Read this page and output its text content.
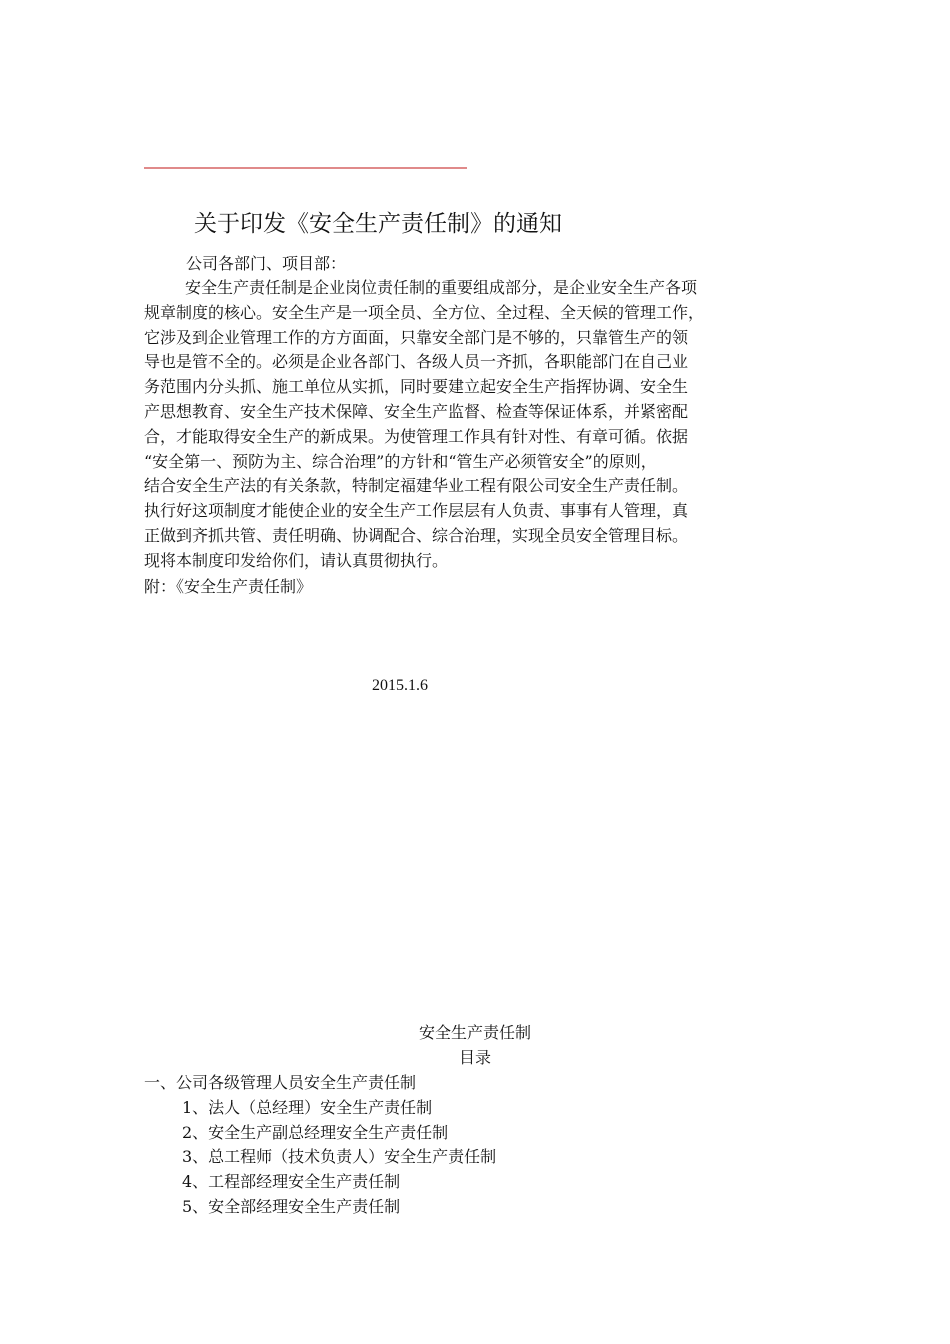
关于印发《安全生产责任制》的通知
公司各部门、项目部：
安全生产责任制是企业岗位责任制的重要组成部分，是企业安全生产各项
规章制度的核心。安全生产是一项全员、全方位、全过程、全天候的管理工作，
它涉及到企业管理工作的方方面面，只靠安全部门是不够的，只靠管生产的领
导也是管不全的。必须是企业各部门、各级人员一齐抓，各职能部门在自己业
务范围内分头抓、施工单位从实抓，同时要建立起安全生产指挥协调、安全生
产思想教育、安全生产技术保障、安全生产监督、检查等保证体系，并紧密配
合，才能取得安全生产的新成果。为使管理工作具有针对性、有章可循。依据
“安全第一、预防为主、综合治理”的方针和“管生产必须管安全”的原则，
结合安全生产法的有关条款，特制定福建华业工程有限公司安全生产责任制。
执行好这项制度才能使企业的安全生产工作层层有人负责、事事有人管理，真
正做到齐抓共管、责任明确、协调配合、综合治理，实现全员安全管理目标。
现将本制度印发给你们，请认真贯彻执行。
附：《安全生产责任制》
2015.1.6
安全生产责任制
目录
一、公司各级管理人员安全生产责任制
1、法人（总经理）安全生产责任制
2、安全生产副总经理安全生产责任制
3、总工程师（技术负责人）安全生产责任制
4、工程部经理安全生产责任制
5、安全部经理安全生产责任制
